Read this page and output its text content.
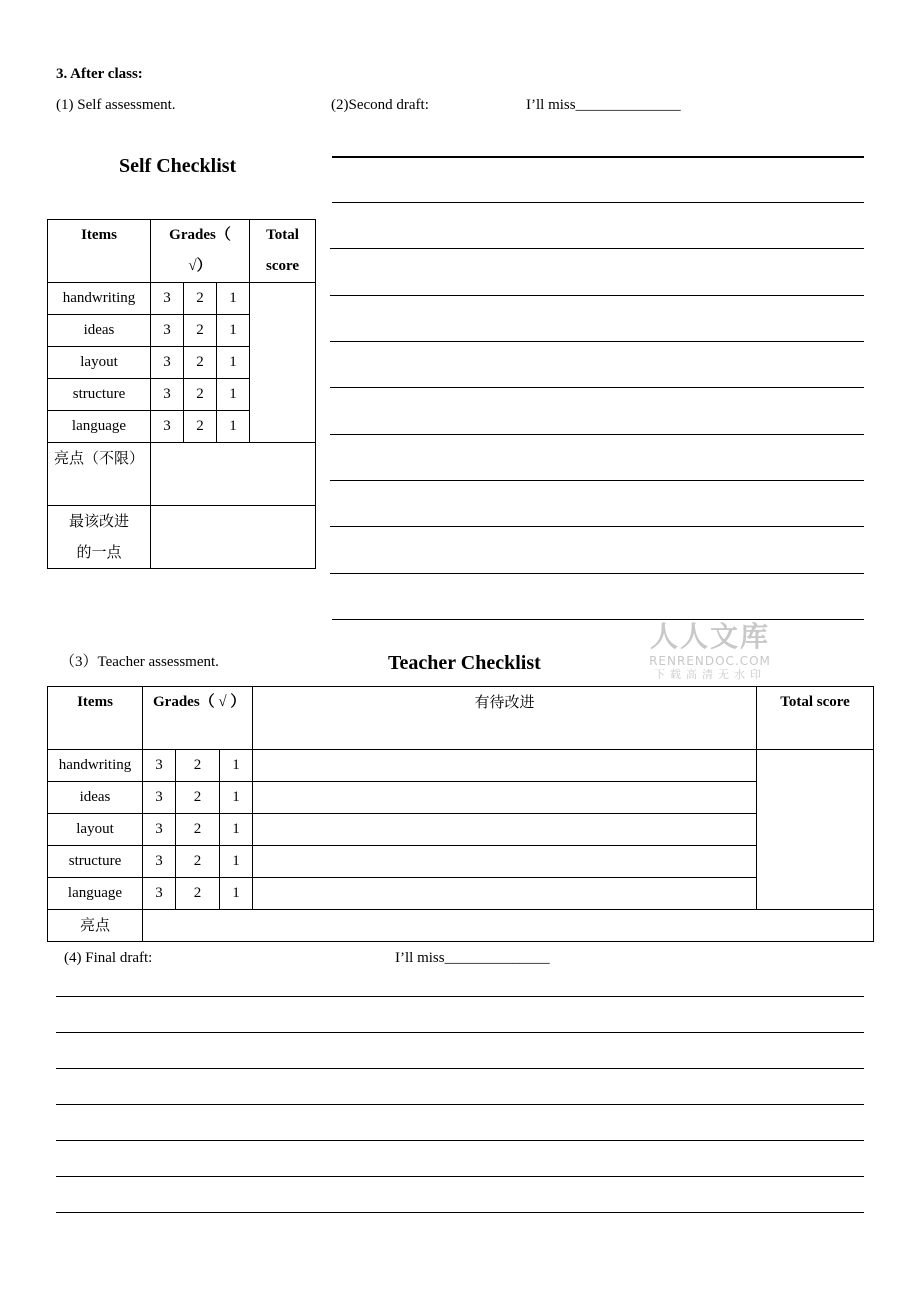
3. After class:
(1) Self assessment.	(2)Second draft:	I’ll miss______________
Self Checklist
Items	Grades（ √）			Total score
handwriting	3	2	1	
ideas	3	2	1	
layout	3	2	1	
structure	3	2	1	
language	3	2	1	
亮点（不限）				
最该改进的一点				
（3）Teacher assessment.	Teacher Checklist
人人文库
RENRENDOC.COM
下载高清无水印
Items	Grades（ √ ）			有待改进	Total score
handwriting	3	2	1		
ideas	3	2	1		
layout	3	2	1		
structure	3	2	1		
language	3	2	1		
亮点					
(4) Final draft:	I’ll miss______________
